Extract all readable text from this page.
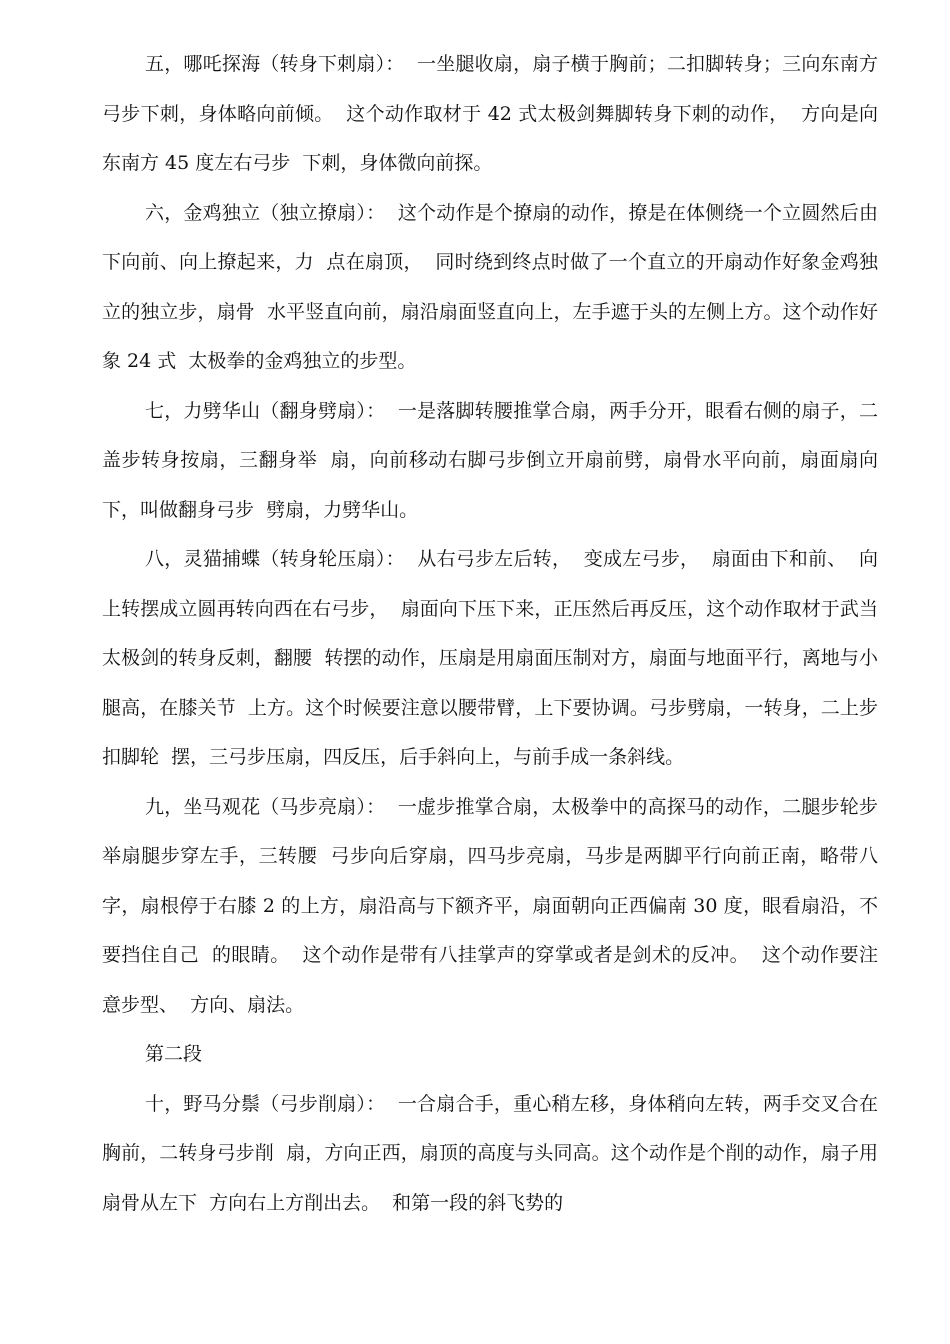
五，哪吒探海（转身下刺扇）：  一坐腿收扇，扇子横于胸前；二扣脚转身；三向东南方弓步下刺，身体略向前倾。  这个动作取材于 42 式太极剑舞脚转身下刺的动作，  方向是向东南方 45 度左右弓步  下刺，身体微向前探。

六，金鸡独立（独立撩扇）：  这个动作是个撩扇的动作，撩是在体侧绕一个立圆然后由下向前、向上撩起来，力  点在扇顶，  同时绕到终点时做了一个直立的开扇动作好象金鸡独立的独立步，扇骨  水平竖直向前，扇沿扇面竖直向上，左手遮于头的左侧上方。这个动作好象 24 式  太极拳的金鸡独立的步型。

七，力劈华山（翻身劈扇）：  一是落脚转腰推掌合扇，两手分开，眼看右侧的扇子，二盖步转身按扇，三翻身举  扇，向前移动右脚弓步倒立开扇前劈，扇骨水平向前，扇面扇向下，叫做翻身弓步  劈扇，力劈华山。

八，灵猫捕蝶（转身轮压扇）：  从右弓步左后转，  变成左弓步，  扇面由下和前、  向上转摆成立圆再转向西在右弓步，  扇面向下压下来，正压然后再反压，这个动作取材于武当太极剑的转身反刺，翻腰  转摆的动作，压扇是用扇面压制对方，扇面与地面平行，离地与小腿高，在膝关节  上方。这个时候要注意以腰带臂，上下要协调。弓步劈扇，一转身，二上步扣脚轮  摆，三弓步压扇，四反压，后手斜向上，与前手成一条斜线。

九，坐马观花（马步亮扇）：  一虚步推掌合扇，太极拳中的高探马的动作，二腿步轮步举扇腿步穿左手，三转腰  弓步向后穿扇，四马步亮扇，马步是两脚平行向前正南，略带八字，扇根停于右膝 2 的上方，扇沿高与下额齐平，扇面朝向正西偏南 30 度，眼看扇沿，不要挡住自己  的眼睛。  这个动作是带有八挂掌声的穿掌或者是剑术的反冲。  这个动作要注意步型、  方向、扇法。

第二段

十，野马分鬃（弓步削扇）：  一合扇合手，重心稍左移，身体稍向左转，两手交叉合在胸前，二转身弓步削  扇，方向正西，扇顶的高度与头同高。这个动作是个削的动作，扇子用扇骨从左下  方向右上方削出去。  和第一段的斜飞势的
